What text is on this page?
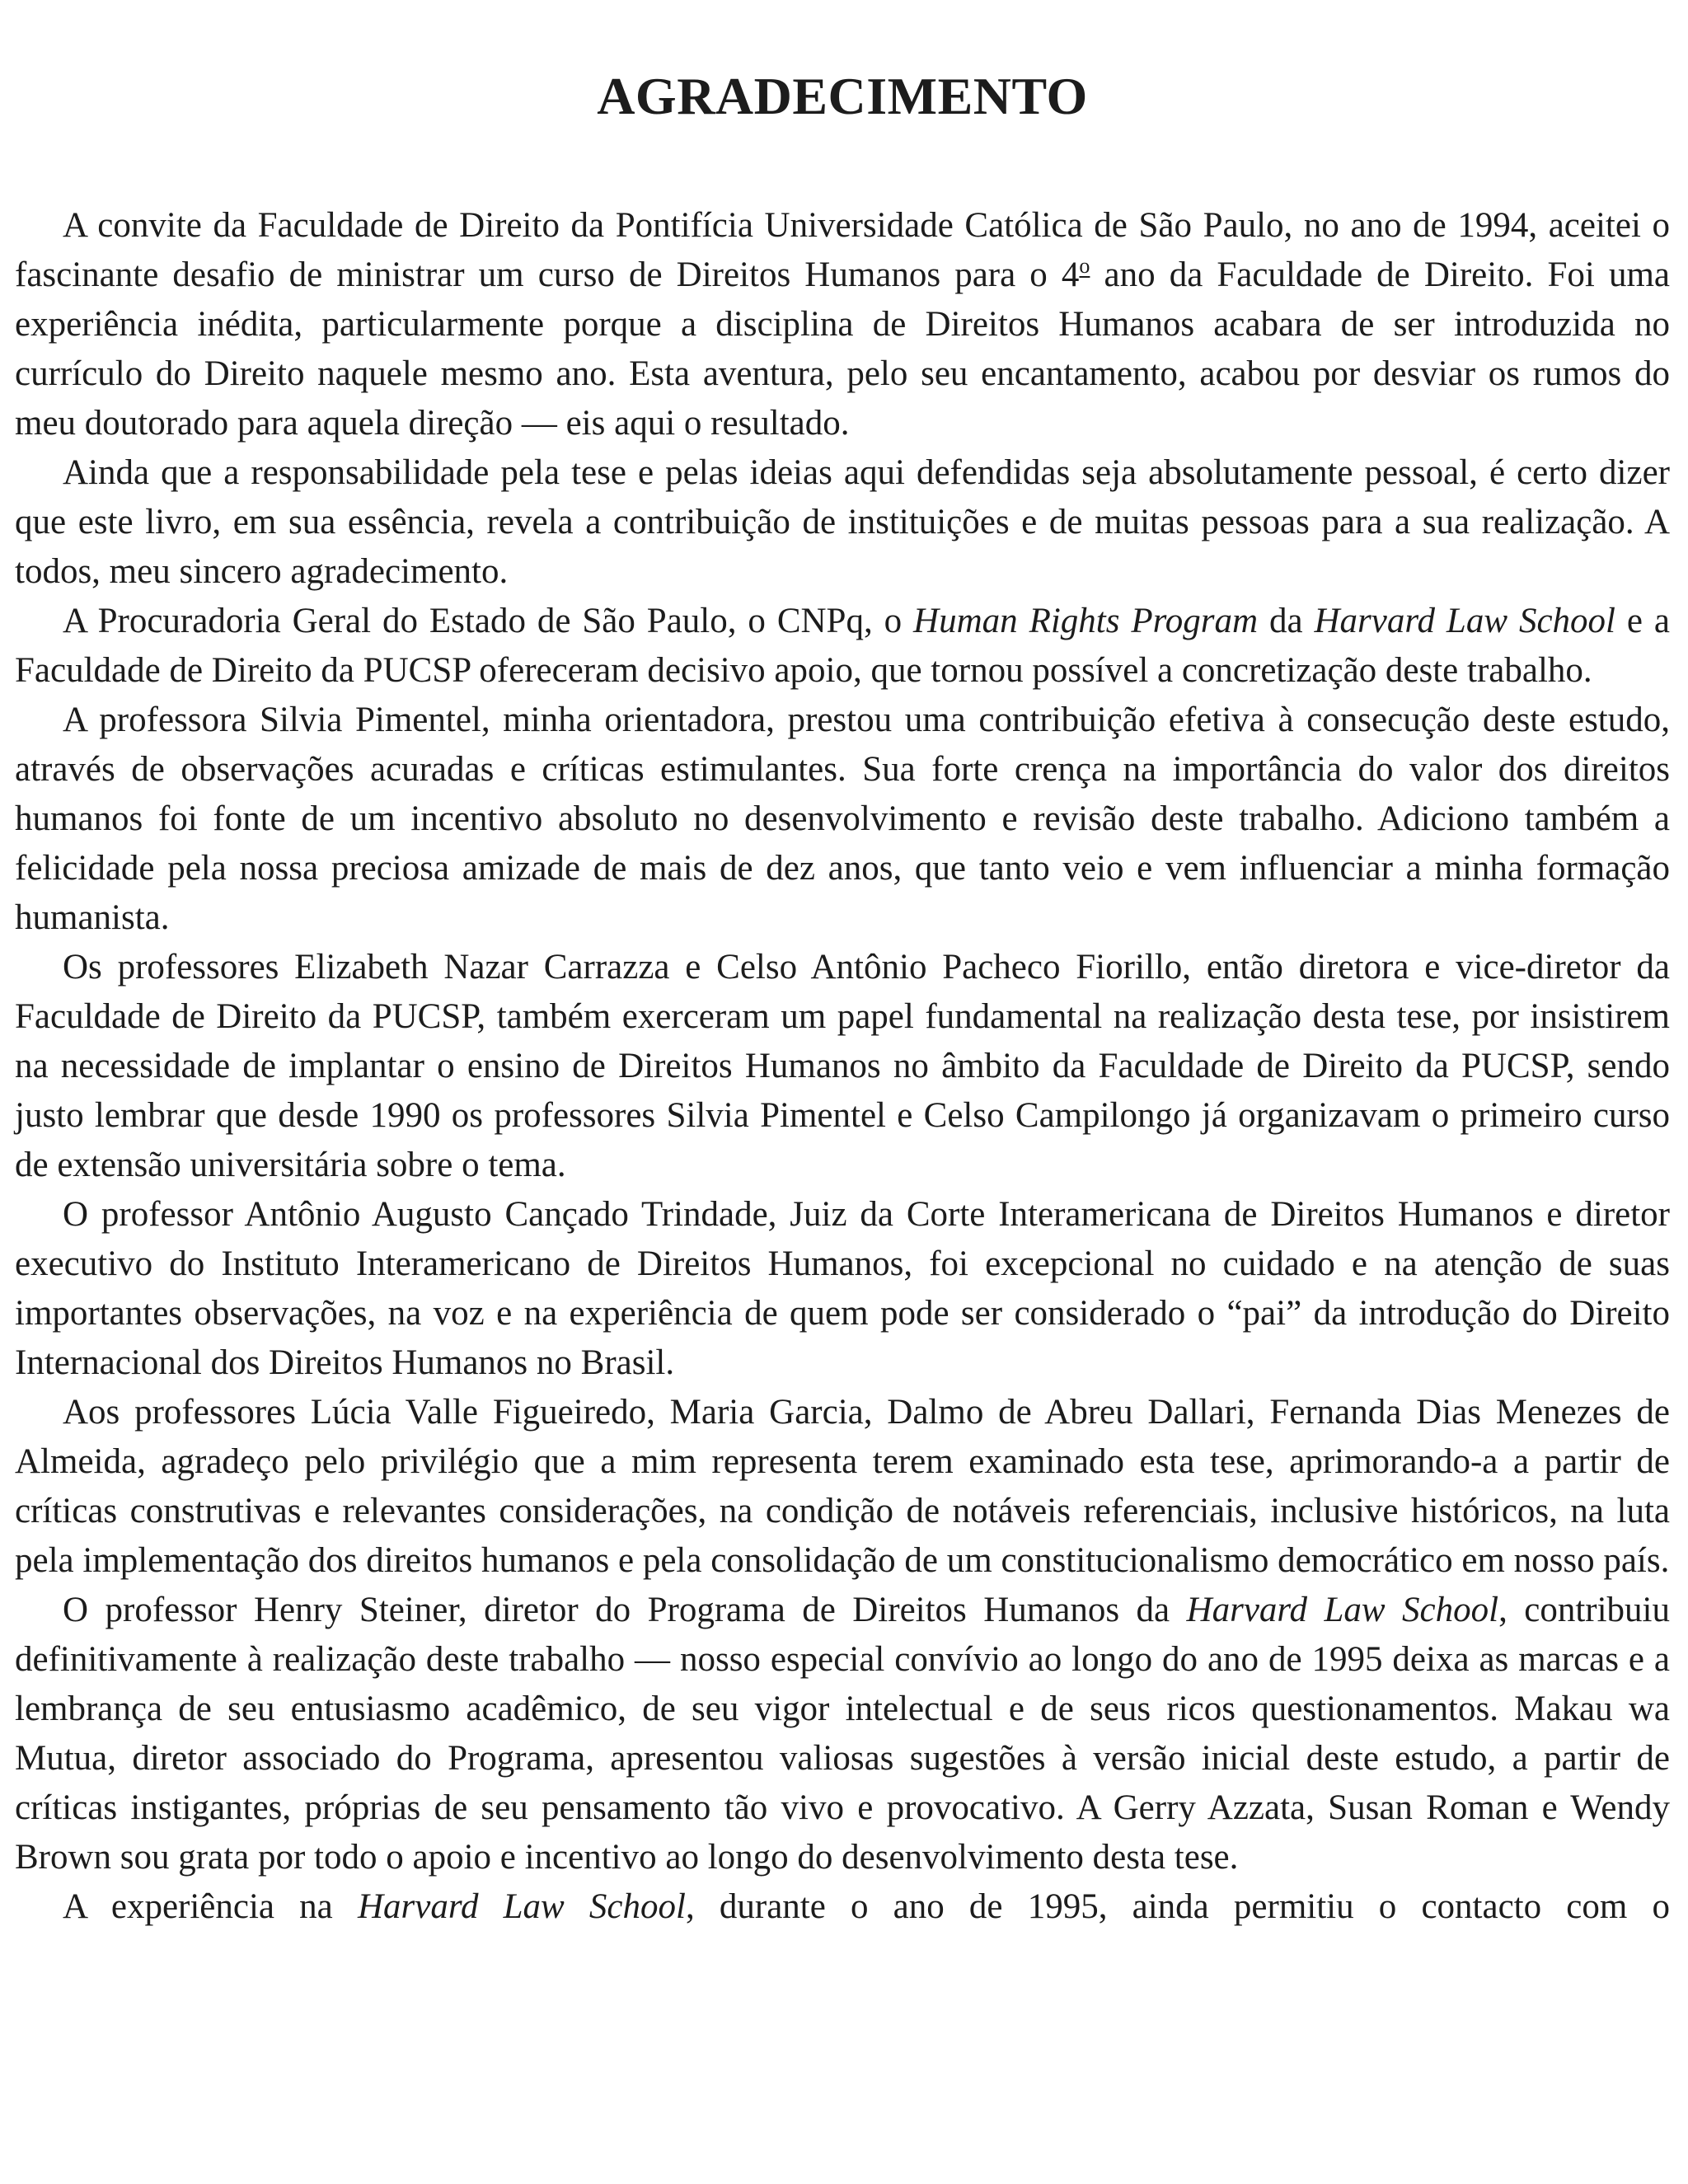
AGRADECIMENTO

A convite da Faculdade de Direito da Pontifícia Universidade Católica de São Paulo, no ano de 1994, aceitei o fascinante desafio de ministrar um curso de Direitos Humanos para o 4$^o$ ano da Faculdade de Direito. Foi uma experiência inédita, particularmente porque a disciplina de Direitos Humanos acabara de ser introduzida no currículo do Direito naquele mesmo ano. Esta aventura, pelo seu encantamento, acabou por desviar os rumos do meu doutorado para aquela direção — eis aqui o resultado.

Ainda que a responsabilidade pela tese e pelas ideias aqui defendidas seja absolutamente pessoal, é certo dizer que este livro, em sua essência, revela a contribuição de instituições e de muitas pessoas para a sua realização. A todos, meu sincero agradecimento.

A Procuradoria Geral do Estado de São Paulo, o CNPq, o Human Rights Program da Harvard Law School e a Faculdade de Direito da PUCSP ofereceram decisivo apoio, que tornou possível a concretização deste trabalho.

A professora Silvia Pimentel, minha orientadora, prestou uma contribuição efetiva à consecução deste estudo, através de observações acuradas e críticas estimulantes. Sua forte crença na importância do valor dos direitos humanos foi fonte de um incentivo absoluto no desenvolvimento e revisão deste trabalho. Adiciono também a felicidade pela nossa preciosa amizade de mais de dez anos, que tanto veio e vem influenciar a minha formação humanista.

Os professores Elizabeth Nazar Carrazza e Celso Antônio Pacheco Fiorillo, então diretora e vice-diretor da Faculdade de Direito da PUCSP, também exerceram um papel fundamental na realização desta tese, por insistirem na necessidade de implantar o ensino de Direitos Humanos no âmbito da Faculdade de Direito da PUCSP, sendo justo lembrar que desde 1990 os professores Silvia Pimentel e Celso Campilongo já organizavam o primeiro curso de extensão universitária sobre o tema.

O professor Antônio Augusto Cançado Trindade, Juiz da Corte Interamericana de Direitos Humanos e diretor executivo do Instituto Interamericano de Direitos Humanos, foi excepcional no cuidado e na atenção de suas importantes observações, na voz e na experiência de quem pode ser considerado o “pai” da introdução do Direito Internacional dos Direitos Humanos no Brasil.

Aos professores Lúcia Valle Figueiredo, Maria Garcia, Dalmo de Abreu Dallari, Fernanda Dias Menezes de Almeida, agradeço pelo privilégio que a mim representa terem examinado esta tese, aprimorando-a a partir de críticas construtivas e relevantes considerações, na condição de notáveis referenciais, inclusive históricos, na luta pela implementação dos direitos humanos e pela consolidação de um constitucionalismo democrático em nosso país.

O professor Henry Steiner, diretor do Programa de Direitos Humanos da Harvard Law School, contribuiu definitivamente à realização deste trabalho — nosso especial convívio ao longo do ano de 1995 deixa as marcas e a lembrança de seu entusiasmo acadêmico, de seu vigor intelectual e de seus ricos questionamentos. Makau wa Mutua, diretor associado do Programa, apresentou valiosas sugestões à versão inicial deste estudo, a partir de críticas instigantes, próprias de seu pensamento tão vivo e provocativo. A Gerry Azzata, Susan Roman e Wendy Brown sou grata por todo o apoio e incentivo ao longo do desenvolvimento desta tese.

A experiência na Harvard Law School, durante o ano de 1995, ainda permitiu o contacto com o
